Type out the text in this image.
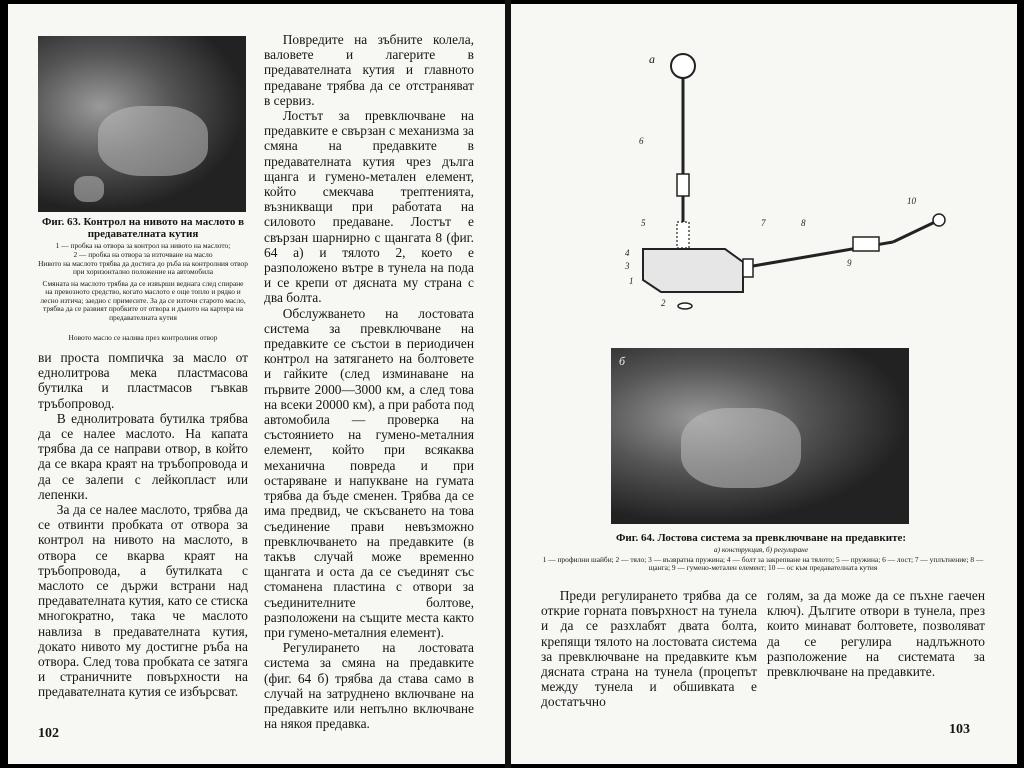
Фиг. 63. Контрол на нивото на маслото в предавателната кутия
1 — пробка на отвора за контрол на нивото на маслото;
2 — пробка на отвора за източване на масло
Нивото на маслото трябва да достига до ръба на контролния отвор при хоризонтално положение на автомобила
Смяната на маслото трябва да се извърши веднага след спиране на превозното средство, когато маслото е още топло и рядко и лесно изтича; заедно с примесите. За да се източи старото масло, трябва да се развият пробките от отвора и дъното на картера на предавателната кутия
Новото масло се налива през контролния отвор

ви проста помпичка за масло от еднолитрова мека пластмасова бутилка и пластмасов гъвкав тръбопровод.

В еднолитровата бутилка трябва да се налее маслото. На капата трябва да се направи отвор, в който да се вкара краят на тръбопровода и да се залепи с лейкопласт или лепенки.

За да се налее маслото, трябва да се отвинти пробката от отвора за контрол на нивото на маслото, в отвора се вкарва краят на тръбопровода, а бутилката с маслото се държи встрани над предавателната кутия, като се стиска многократно, така че маслото навлиза в предавателната кутия, докато нивото му достигне ръба на отвора. След това пробката се затяга и страничните повърхности на предавателната кутия се избърсват.

Повредите на зъбните колела, валовете и лагерите в предавателната кутия и главното предаване трябва да се отстраняват в сервиз.

Лостът за превключване на предавките е свързан с механизма за смяна на предавките в предавателната кутия чрез дълга щанга и гумено-метален елемент, който смекчава трептенията, възникващи при работата на силовото предаване. Лостът е свързан шарнирно с щангата 8 (фиг. 64 а) и тялото 2, което е разположено вътре в тунела на пода и се крепи от дясната му страна с два болта.

Обслужването на лостовата система за превключване на предавките се състои в периодичен контрол на затягането на болтовете и гайките (след изминаване на първите 2000—3000 км, а след това на всеки 20000 км), а при работа под автомобила — проверка на състоянието на гумено-металния елемент, който при всякаква механична повреда и при остаряване и напукване на гумата трябва да бъде сменен. Трябва да се има предвид, че скъсването на това съединение прави невъзможно превключването на предавките (в такъв случай може временно щангата и оста да се съединят със стоманена пластина с отвори за съединителните болтове, разположени на същите места както при гумено-металния елемент).

Регулирането на лостовата система за смяна на предавките (фиг. 64 б) трябва да става само в случай на затруднено включване на предавките или непълно включване на някоя предавка.

102
а
6
5
4
3
1
2
7	8
9
10
б
Фиг. 64. Лостова система за превключване на предавките:
а) конструкция, б) регулиране
1 — профилни шайби; 2 — тяло; 3 — възвратна пружина; 4 — болт за закрепване на тялото; 5 — пружина; 6 — лост; 7 — уплътнение; 8 — щанга; 9 — гумено-метален елемент; 10 — ос към предавателната кутия

Преди регулирането трябва да се открие горната повърхност на тунела и да се разхлабят двата болта, крепящи тялото на лостовата система за превключване на предавките към дясната страна на тунела (процепът между тунела и обшивката е достатъчно

голям, за да може да се пъхне гаечен ключ). Дългите отвори в тунела, през които минават болтовете, позволяват да се регулира надлъжното разположение на системата за превключване на предавките.

103
